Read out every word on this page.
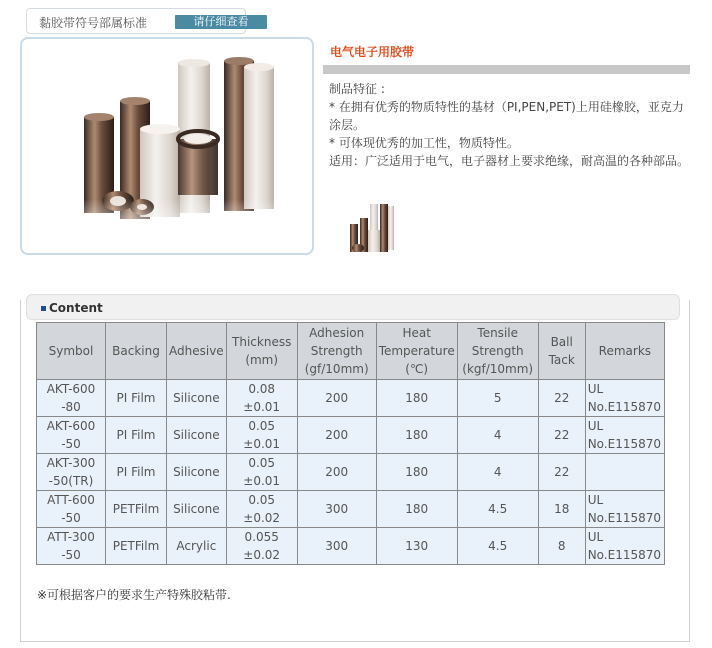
黏胶带符号部属标准	请仔细查看
电气电子用胶带

制品特征 :

* 在拥有优秀的物质特性的基材（PI,PEN,PET)上用硅橡胶，亚克力涂层。

* 可体现优秀的加工性，物质特性。

适用：广泛适用于电气，电子器材上要求绝缘，耐高温的各种部品。

Content
Symbol	Backing	Adhesive	Thickness (mm)	Adhesion Strength (gf/10mm)	Heat Temperature (℃)	Tensile Strength (kgf/10mm)	Ball Tack	Remarks
AKT-600 -80	PI Film	Silicone	0.08 ±0.01	200	180	5	22	UL No.E115870
AKT-600 -50	PI Film	Silicone	0.05 ±0.01	200	180	4	22	UL No.E115870
AKT-300 -50(TR)	PI Film	Silicone	0.05 ±0.01	200	180	4	22	
ATT-600 -50	PETFilm	Silicone	0.05 ±0.02	300	180	4.5	18	UL No.E115870
ATT-300 -50	PETFilm	Acrylic	0.055 ±0.02	300	130	4.5	8	UL No.E115870
※可根据客户的要求生产特殊胶粘带.
